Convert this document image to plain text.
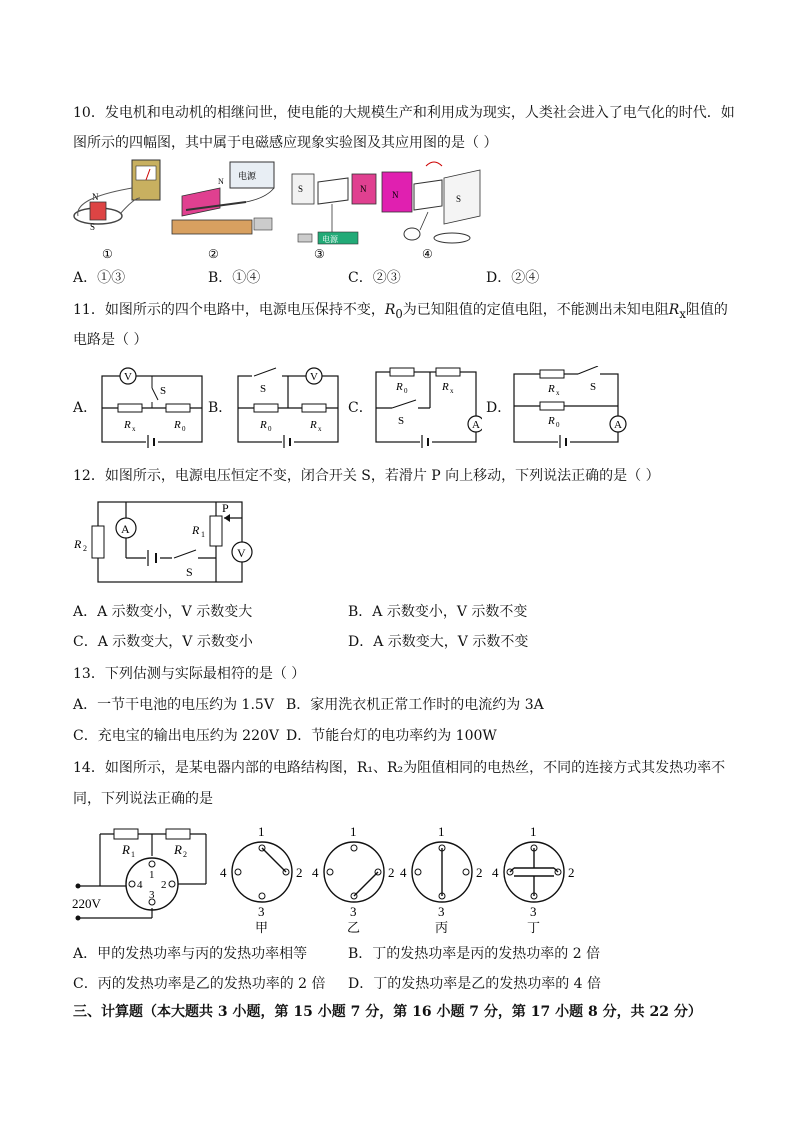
10．发电机和电动机的相继问世，使电能的大规模生产和利用成为现实，人类社会进入了电气化的时代．如
图所示的四幅图，其中属于电磁感应现象实验图及其应用图的是（ ）
N
S
电源
N
S	N
电源
N	S
①	②	③	④
A．①③	B．①④	C．②③	D．②④
11．如图所示的四个电路中，电源电压保持不变，$R_0$为已知阻值的定值电阻，不能测出未知电阻$R_x$阻值的
电路是（ ）
A．	B．	C．	D．
V
S
R x	R 0
S
V
R 0	R x
R 0	R x
S	A
S
R x
R 0	A
12．如图所示，电源电压恒定不变，闭合开关 S，若滑片 P 向上移动，下列说法正确的是（ ）
R 2
A	R 1
P
V
S
A．A 示数变小，V 示数变大	B．A 示数变小，V 示数不变
C．A 示数变大，V 示数变小	D．A 示数变大，V 示数不变
13．下列估测与实际最相符的是（ ）
A．一节干电池的电压约为 1.5V B．家用洗衣机正常工作时的电流约为 3A
C．充电宝的输出电压约为 220V D．节能台灯的电功率约为 100W
14．如图所示，是某电器内部的电路结构图，R₁、R₂为阻值相同的电热丝，不同的连接方式其发热功率不
同，下列说法正确的是
R 1	R 2
1
2
3
4
220V
1
2
3
4
甲
1
2
3
4
乙
1
2
3
4
丙
1
2
3
4
丁
A．甲的发热功率与丙的发热功率相等	B．丁的发热功率是丙的发热功率的 2 倍
C．丙的发热功率是乙的发热功率的 2 倍 D．丁的发热功率是乙的发热功率的 4 倍
三、计算题（本大题共 3 小题，第 15 小题 7 分，第 16 小题 7 分，第 17 小题 8 分，共 22 分）
